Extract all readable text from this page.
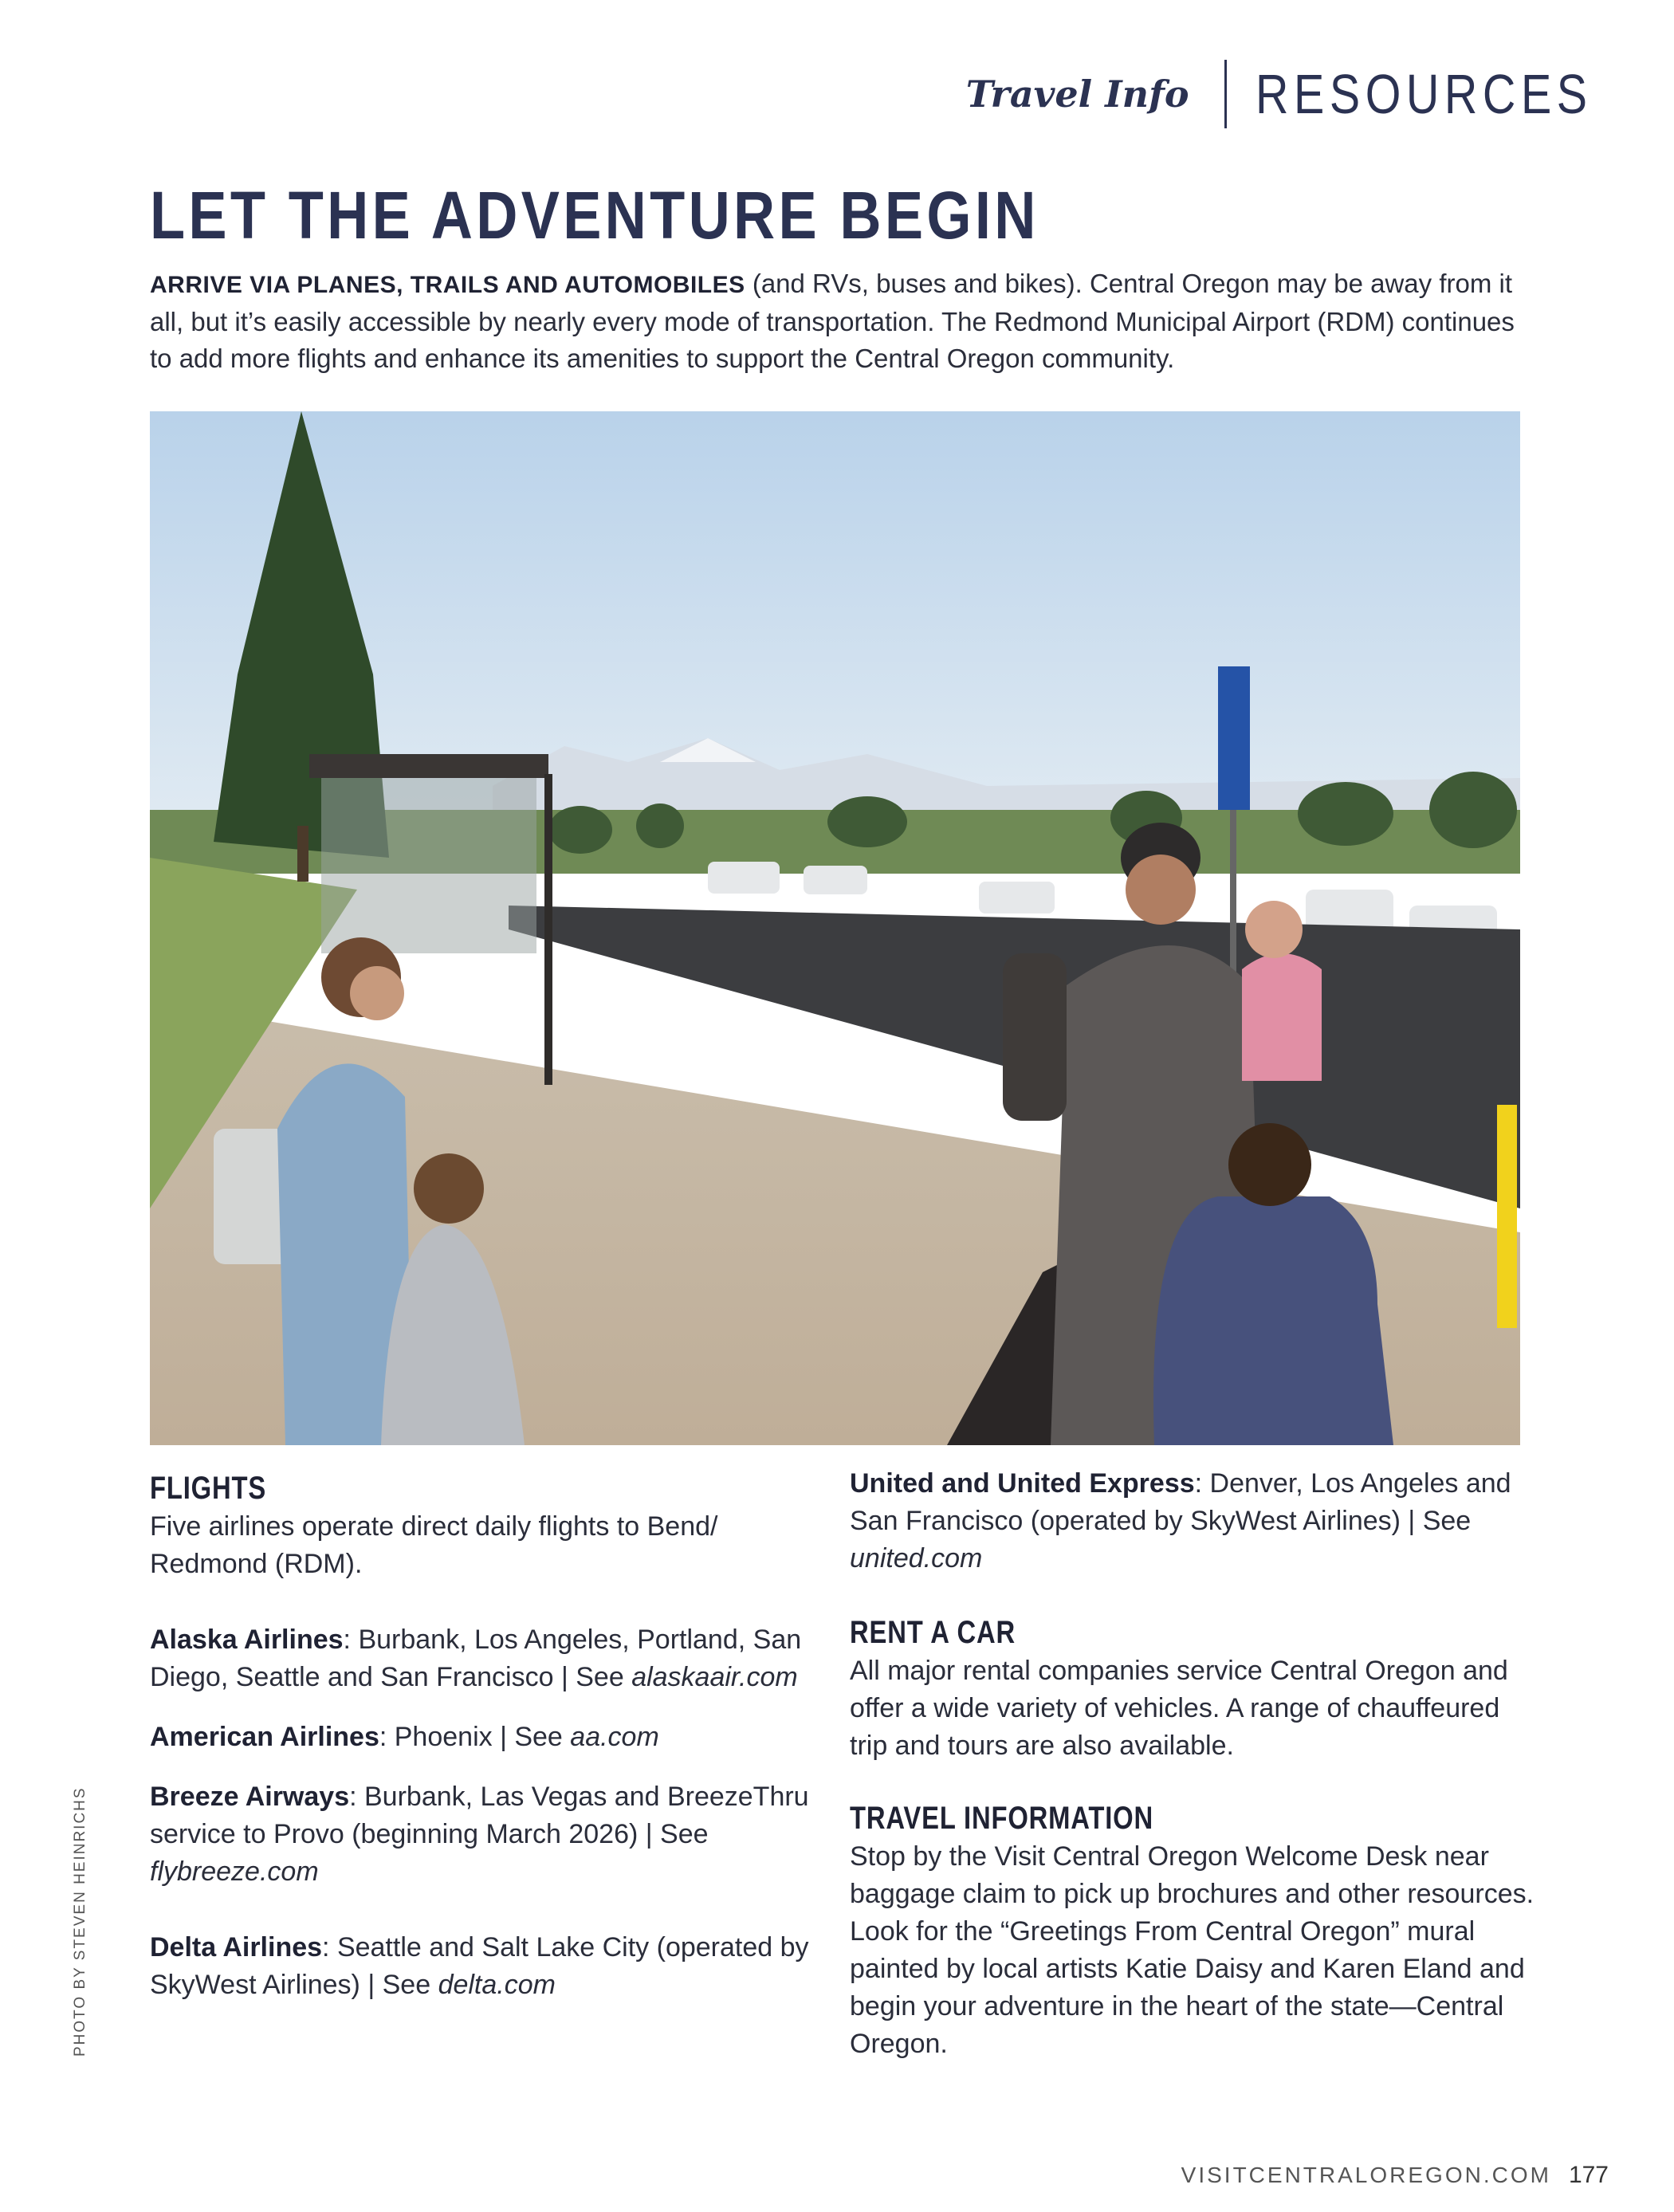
Travel Info RESOURCES
LET THE ADVENTURE BEGIN

ARRIVE VIA PLANES, TRAILS AND AUTOMOBILES (and RVs, buses and bikes). Central Oregon may be away from it all, but it’s easily accessible by nearly every mode of transportation. The Redmond Municipal Airport (RDM) continues to add more flights and enhance its amenities to support the Central Oregon community.

PHOTO BY STEVEN HEINRICHS
FLIGHTS

Five airlines operate direct daily flights to Bend/ Redmond (RDM).

Alaska Airlines: Burbank, Los Angeles, Portland, San Diego, Seattle and San Francisco | See alaskaair.com

American Airlines: Phoenix | See aa.com

Breeze Airways: Burbank, Las Vegas and BreezeThru service to Provo (beginning March 2026) | See flybreeze.com

Delta Airlines: Seattle and Salt Lake City (operated by SkyWest Airlines) | See delta.com

United and United Express: Denver, Los Angeles and San Francisco (operated by SkyWest Airlines) | See united.com

RENT A CAR

All major rental companies service Central Oregon and offer a wide variety of vehicles. A range of chauffeured trip and tours are also available.

TRAVEL INFORMATION

Stop by the Visit Central Oregon Welcome Desk near baggage claim to pick up brochures and other resources. Look for the “Greetings From Central Oregon” mural painted by local artists Katie Daisy and Karen Eland and begin your adventure in the heart of the state—Central Oregon.

VISITCENTRALOREGON.COM 177
